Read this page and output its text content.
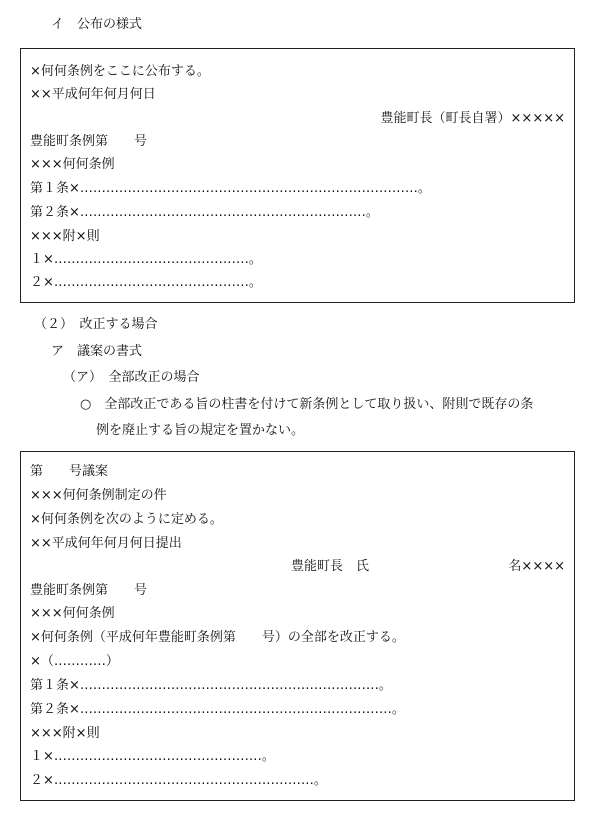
イ　公布の様式
×何何条例をここに公布する。
××平成何年何月何日
豊能町長（町長自署）×××××
豊能町条例第　　号
×××何何条例
第１条×……………………………………………………………………。
第２条×…………………………………………………………。
×××附×則
１×………………………………………。
２×………………………………………。
（２）　改正する場合
ア　議案の書式
（ア）　全部改正の場合
○　全部改正である旨の柱書を付けて新条例として取り扱い、附則で既存の条
例を廃止する旨の規定を置かない。
第　　号議案
×××何何条例制定の件
×何何条例を次のように定める。
××平成何年何月何日提出
豊能町長　氏	名××××
豊能町条例第　　号
×××何何条例
×何何条例（平成何年豊能町条例第　　号）の全部を改正する。
×（…………）
第１条×……………………………………………………………。
第２条×………………………………………………………………。
×××附×則
１×…………………………………………。
２×……………………………………………………。
